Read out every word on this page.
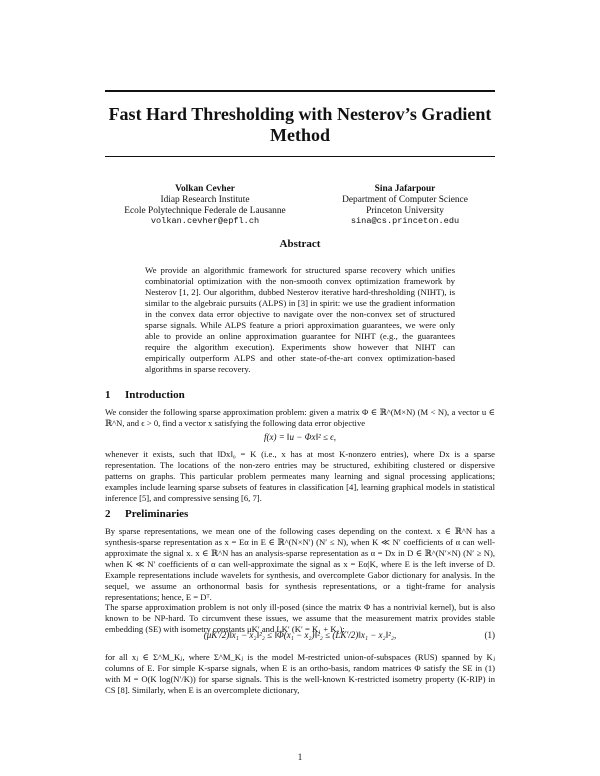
Fast Hard Thresholding with Nesterov’s Gradient Method
Volkan Cevher
Idiap Research Institute
Ecole Polytechnique Federale de Lausanne
volkan.cevher@epfl.ch
Sina Jafarpour
Department of Computer Science
Princeton University
sina@cs.princeton.edu
Abstract

We provide an algorithmic framework for structured sparse recovery which unifies combinatorial optimization with the non-smooth convex optimization framework by Nesterov [1, 2]. Our algorithm, dubbed Nesterov iterative hard-thresholding (NIHT), is similar to the algebraic pursuits (ALPS) in [3] in spirit: we use the gradient information in the convex data error objective to navigate over the non-convex set of structured sparse signals. While ALPS feature a priori approximation guarantees, we were only able to provide an online approximation guarantee for NIHT (e.g., the guarantees require the algorithm execution). Experiments show however that NIHT can empirically outperform ALPS and other state-of-the-art convex optimization-based algorithms in sparse recovery.

1 Introduction

We consider the following sparse approximation problem: given a matrix Φ ∈ ℝ^(M×N) (M < N), a vector u ∈ ℝ^N, and ϵ > 0, find a vector x satisfying the following data error objective

f(x) = ‖u − Φx‖² ≤ ϵ,

whenever it exists, such that ‖Dx‖₀ = K (i.e., x has at most K-nonzero entries), where Dx is a sparse representation. The locations of the non-zero entries may be structured, exhibiting clustered or dispersive patterns on graphs. This particular problem permeates many learning and signal processing applications; examples include learning sparse subsets of features in classification [4], learning graphical models in statistical inference [5], and compressive sensing [6, 7].

2 Preliminaries

By sparse representations, we mean one of the following cases depending on the context. x ∈ ℝ^N has a synthesis-sparse representation as x = Eα in E ∈ ℝ^(N×N′) (N′ ≤ N), when K ≪ N′ coefficients of α can well-approximate the signal x. x ∈ ℝ^N has an analysis-sparse representation as α = Dx in D ∈ ℝ^(N′×N) (N′ ≥ N), when K ≪ N′ coefficients of α can well-approximate the signal as x = Eα|K, where E is the left inverse of D. Example representations include wavelets for synthesis, and overcomplete Gabor dictionary for analysis. In the sequel, we assume an orthonormal basis for synthesis representations, or a tight-frame for analysis representations; hence, E = Dᵀ.

The sparse approximation problem is not only ill-posed (since the matrix Φ has a nontrivial kernel), but is also known to be NP-hard. To circumvent these issues, we assume that the measurement matrix provides stable embedding (SE) with isometry constants μK′ and LK′ (K′ = K₁ + K₂):

(μK′/2)‖x₁ − x₂‖²₂ ≤ ‖Φ(x₁ − x₂)‖²₂ ≤ (LK′/2)‖x₁ − x₂‖²₂,	(1)

for all xⱼ ∈ Σ^M_Kⱼ, where Σ^M_Kⱼ is the model M-restricted union-of-subspaces (RUS) spanned by Kⱼ columns of E. For simple K-sparse signals, when E is an ortho-basis, random matrices Φ satisfy the SE in (1) with M = O(K log(N′/K)) for sparse signals. This is the well-known K-restricted isometry property (K-RIP) in CS [8]. Similarly, when E is an overcomplete dictionary,

1
